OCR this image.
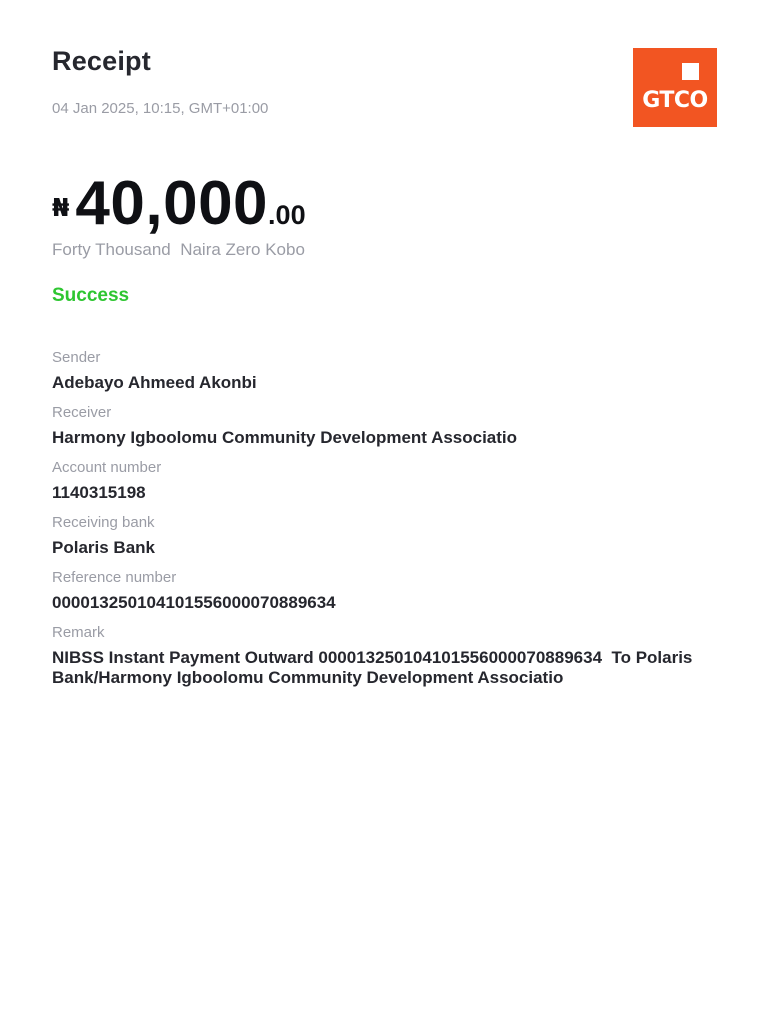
Receipt
04 Jan 2025, 10:15, GMT+01:00	GTCO
₦40,000.00
Forty Thousand  Naira Zero Kobo
Success
Sender
Adebayo Ahmeed Akonbi
Receiver
Harmony Igboolomu Community Development Associatio
Account number
1140315198
Receiving bank
Polaris Bank
Reference number
000013250104101556000070889634
Remark
NIBSS Instant Payment Outward 000013250104101556000070889634  To Polaris Bank/Harmony Igboolomu Community Development Associatio
